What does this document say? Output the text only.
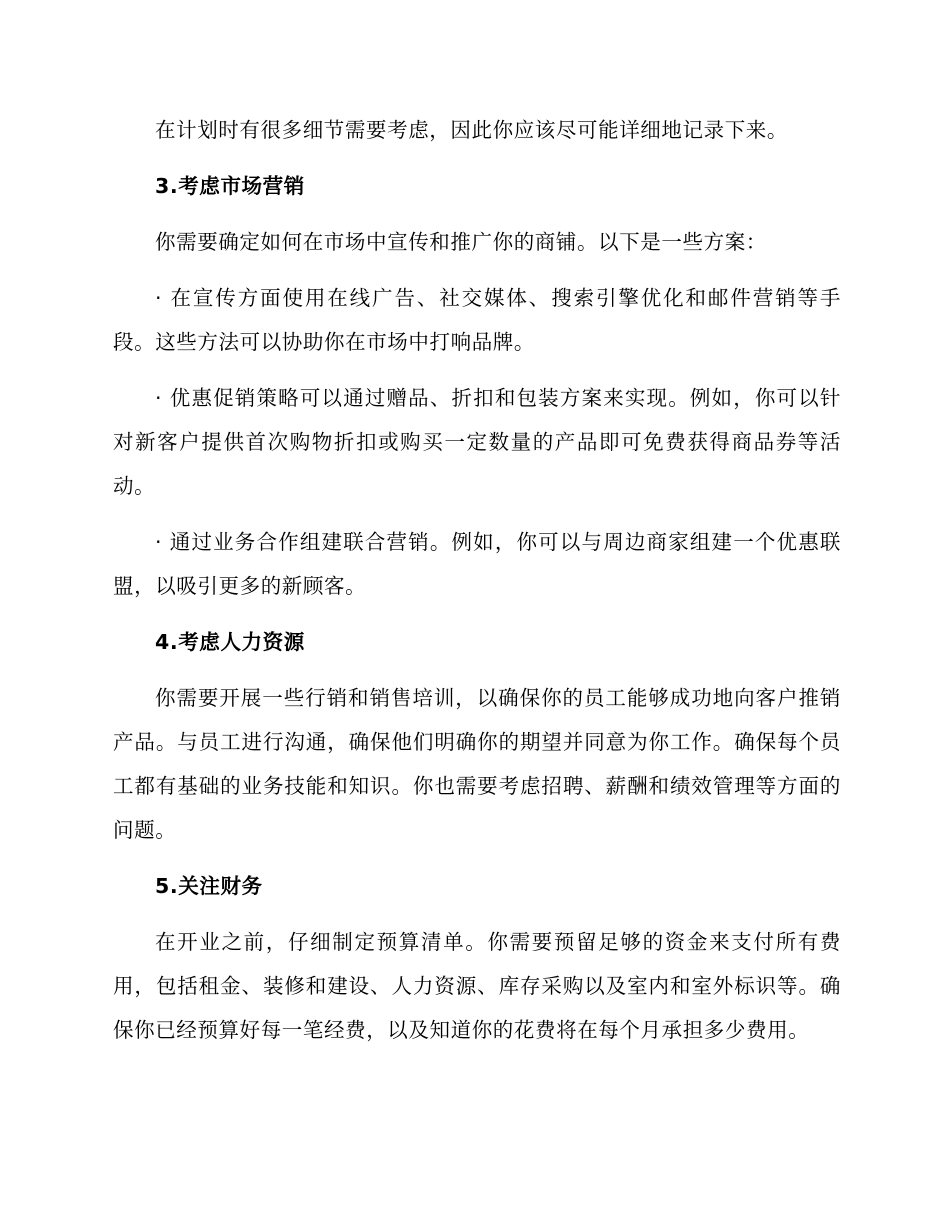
在计划时有很多细节需要考虑，因此你应该尽可能详细地记录下来。

3.考虑市场营销

你需要确定如何在市场中宣传和推广你的商铺。以下是一些方案：

· 在宣传方面使用在线广告、社交媒体、搜索引擎优化和邮件营销等手段。这些方法可以协助你在市场中打响品牌。

· 优惠促销策略可以通过赠品、折扣和包装方案来实现。例如，你可以针对新客户提供首次购物折扣或购买一定数量的产品即可免费获得商品券等活动。

· 通过业务合作组建联合营销。例如，你可以与周边商家组建一个优惠联盟，以吸引更多的新顾客。

4.考虑人力资源

你需要开展一些行销和销售培训，以确保你的员工能够成功地向客户推销产品。与员工进行沟通，确保他们明确你的期望并同意为你工作。确保每个员工都有基础的业务技能和知识。你也需要考虑招聘、薪酬和绩效管理等方面的问题。

5.关注财务

在开业之前，仔细制定预算清单。你需要预留足够的资金来支付所有费用，包括租金、装修和建设、人力资源、库存采购以及室内和室外标识等。确保你已经预算好每一笔经费，以及知道你的花费将在每个月承担多少费用。
